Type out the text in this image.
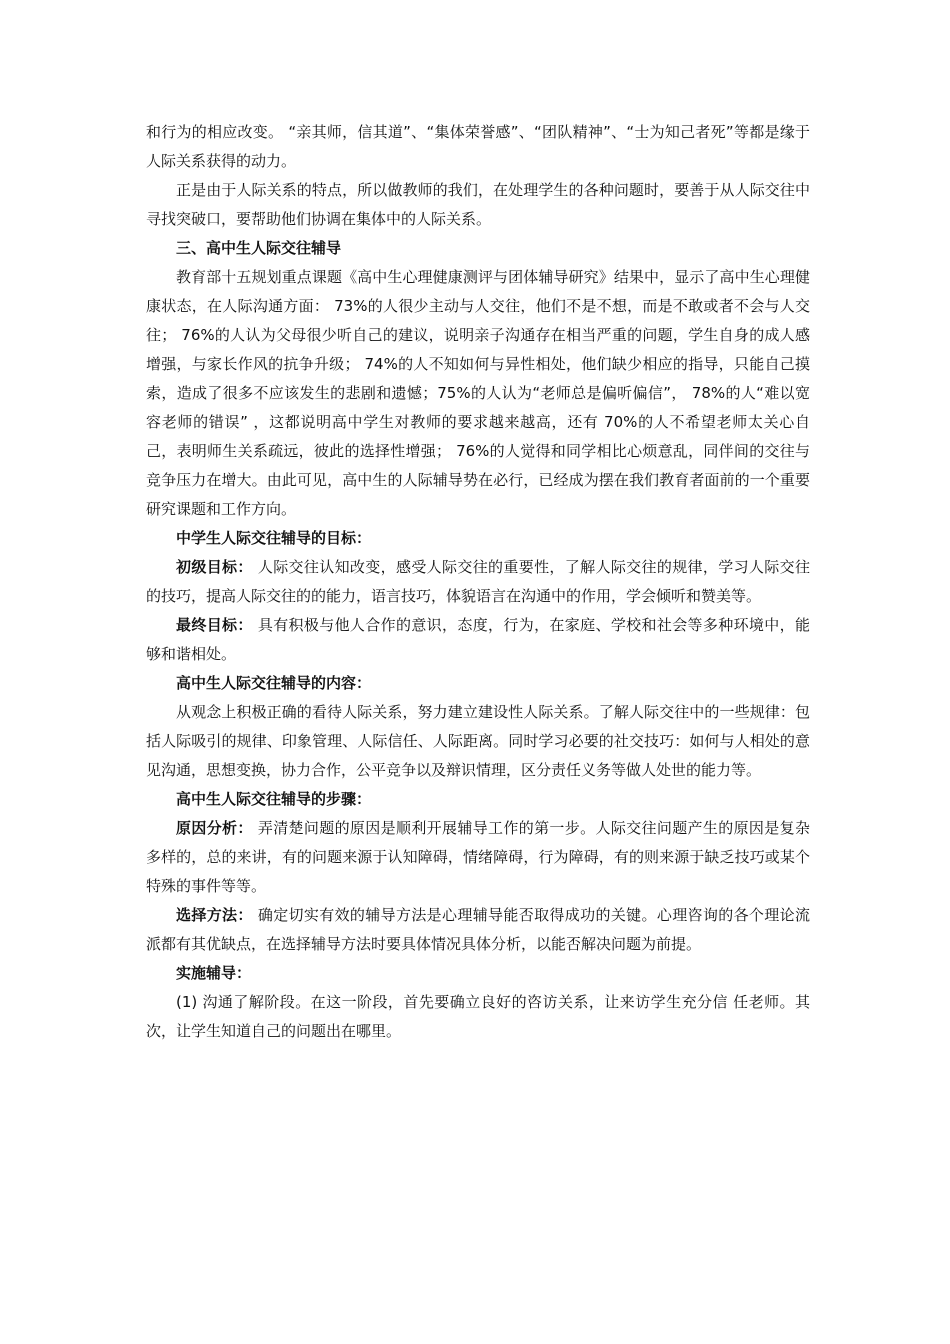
和行为的相应改变。 “亲其师，信其道”、“集体荣誉感”、“团队精神”、“士为知己者死”等都是缘于人际关系获得的动力。

正是由于人际关系的特点，所以做教师的我们，在处理学生的各种问题时，要善于从人际交往中寻找突破口，要帮助他们协调在集体中的人际关系。

三、高中生人际交往辅导

教育部十五规划重点课题《高中生心理健康测评与团体辅导研究》结果中，显示了高中生心理健康状态，在人际沟通方面： 73%的人很少主动与人交往，他们不是不想，而是不敢或者不会与人交往； 76%的人认为父母很少听自己的建议，说明亲子沟通存在相当严重的问题，学生自身的成人感增强，与家长作风的抗争升级； 74%的人不知如何与异性相处，他们缺少相应的指导，只能自己摸索，造成了很多不应该发生的悲剧和遗憾；75%的人认为“老师总是偏听偏信”， 78%的人“难以宽 容老师的错误” ，这都说明高中学生对教师的要求越来越高，还有 70%的人不希望老师太关心自己，表明师生关系疏远，彼此的选择性增强； 76%的人觉得和同学相比心烦意乱，同伴间的交往与竞争压力在增大。由此可见，高中生的人际辅导势在必行，已经成为摆在我们教育者面前的一个重要研究课题和工作方向。

中学生人际交往辅导的目标：

初级目标： 人际交往认知改变，感受人际交往的重要性，了解人际交往的规律，学习人际交往的技巧，提高人际交往的的能力，语言技巧，体貌语言在沟通中的作用，学会倾听和赞美等。

最终目标： 具有积极与他人合作的意识，态度，行为，在家庭、学校和社会等多种环境中，能够和谐相处。

高中生人际交往辅导的内容：

从观念上积极正确的看待人际关系，努力建立建设性人际关系。了解人际交往中的一些规律：包括人际吸引的规律、印象管理、人际信任、人际距离。同时学习必要的社交技巧：如何与人相处的意见沟通，思想变换，协力合作，公平竞争以及辩识情理，区分责任义务等做人处世的能力等。

高中生人际交往辅导的步骤：

原因分析： 弄清楚问题的原因是顺利开展辅导工作的第一步。人际交往问题产生的原因是复杂多样的，总的来讲，有的问题来源于认知障碍，情绪障碍，行为障碍，有的则来源于缺乏技巧或某个特殊的事件等等。

选择方法： 确定切实有效的辅导方法是心理辅导能否取得成功的关键。心理咨询的各个理论流派都有其优缺点，在选择辅导方法时要具体情况具体分析，以能否解决问题为前提。

实施辅导：

(1) 沟通了解阶段。在这一阶段，首先要确立良好的咨访关系，让来访学生充分信 任老师。其次，让学生知道自己的问题出在哪里。
